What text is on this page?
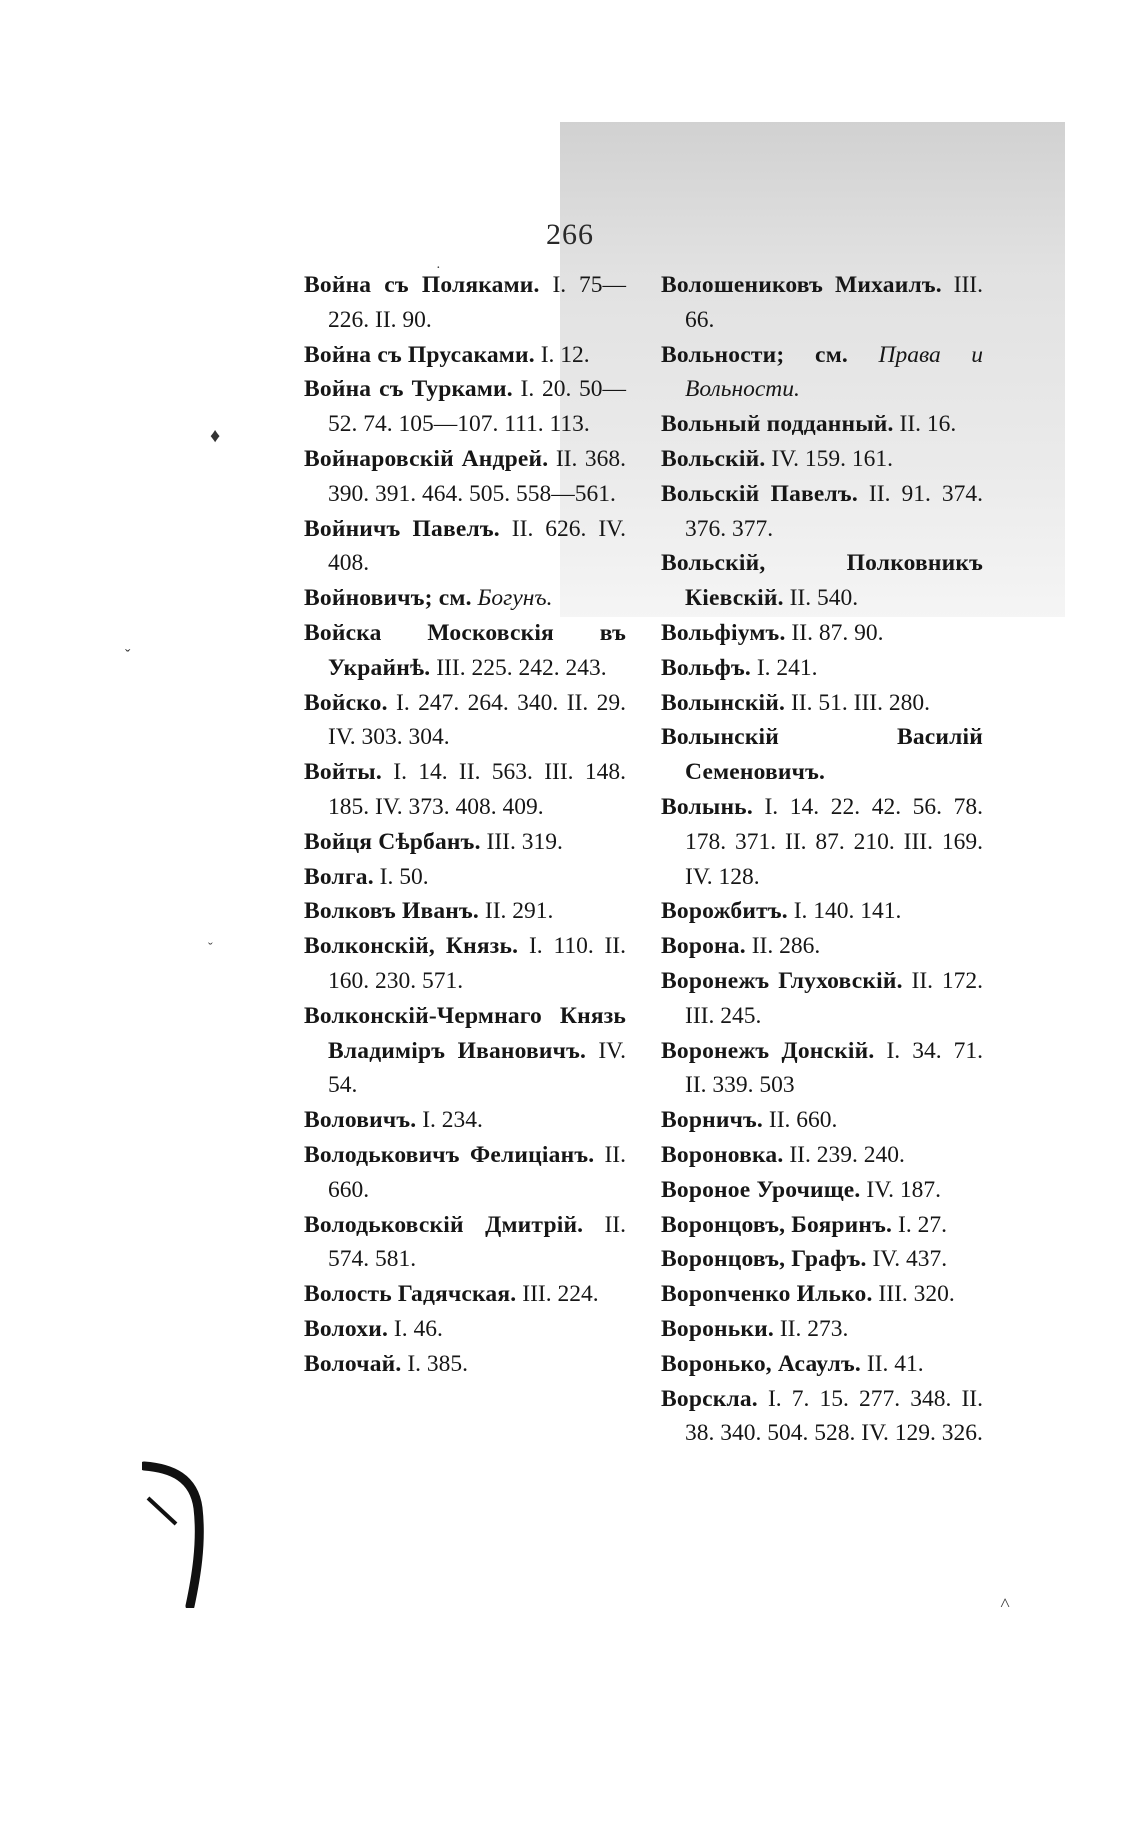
266

Война съ Поляками. I. 75—226. II. 90.

Война съ Прусаками. I. 12.

Война съ Турками. I. 20. 50—52. 74. 105—107. 111. 113.

Войнаровскій Андрей. II. 368. 390. 391. 464. 505. 558—561.

Войничъ Павелъ. II. 626. IV. 408.

Войновичъ; см. Богунъ.

Войска Московскія въ Украйнѣ. III. 225. 242. 243.

Войско. I. 247. 264. 340. II. 29. IV. 303. 304.

Войты. I. 14. II. 563. III. 148. 185. IV. 373. 408. 409.

Войця Сѣрбанъ. III. 319.

Волга. I. 50.

Волковъ Иванъ. II. 291.

Волконскій, Князь. I. 110. II. 160. 230. 571.

Волконскій-Чермнаго Князь Владиміръ Ивановичъ. IV. 54.

Воловичъ. I. 234.

Володьковичъ Фелиціанъ. II. 660.

Володьковскій Дмитрій. II. 574. 581.

Волость Гадячская. III. 224.

Волохи. I. 46.

Волочай. I. 385.

Волошениковъ Михаилъ. III. 66.

Вольности; см. Права и Вольности.

Вольный подданный. II. 16.

Вольскій. IV. 159. 161.

Вольскій Павелъ. II. 91. 374. 376. 377.

Вольскій, Полковникъ Кіевскій. II. 540.

Вольфіумъ. II. 87. 90.

Вольфъ. I. 241.

Волынскій. II. 51. III. 280.

Волынскій Василій Семеновичъ.

Волынь. I. 14. 22. 42. 56. 78. 178. 371. II. 87. 210. III. 169. IV. 128.

Ворожбитъ. I. 140. 141.

Ворона. II. 286.

Воронежъ Глуховскій. II. 172. III. 245.

Воронежъ Донскій. I. 34. 71. II. 339. 503

Ворничъ. II. 660.

Вороновка. II. 239. 240.

Вороное Урочище. IV. 187.

Воронцовъ, Бояринъ. I. 27.

Воронцовъ, Графъ. IV. 437.

Ворonченко Илько. III. 320.

Вороньки. II. 273.

Воронько, Асаулъ. II. 41.

Ворскла. I. 7. 15. 277. 348. II. 38. 340. 504. 528. IV. 129. 326.

♦
ˇ
·
ˇ
˄
